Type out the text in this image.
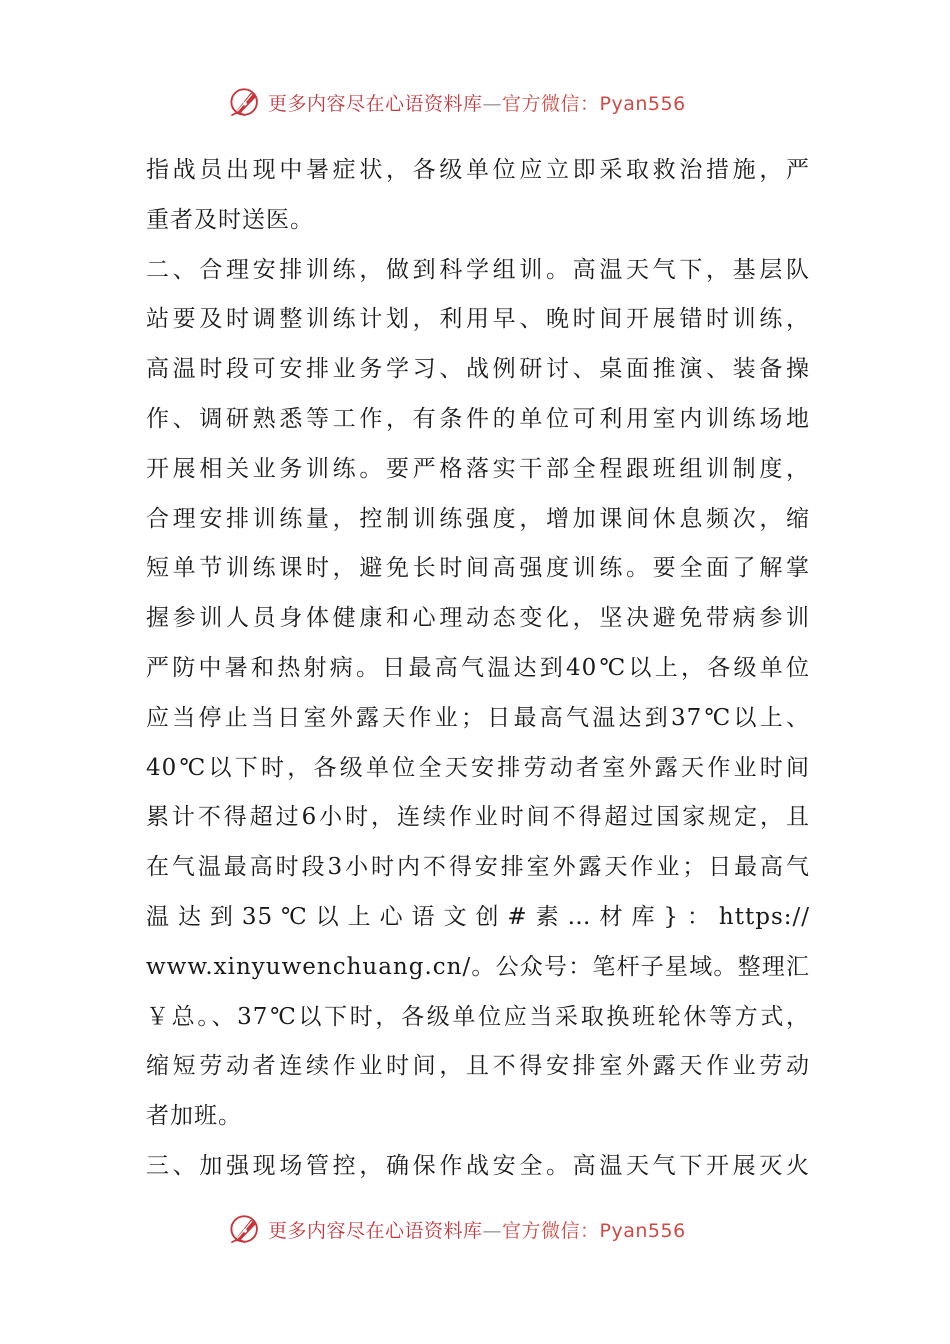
更多内容尽在心语资料库—官方微信：Pyan556
指战员出现中暑症状，各级单位应立即采取救治措施，严
重者及时送医。
二、合理安排训练，做到科学组训。高温天气下，基层队
站要及时调整训练计划，利用早、晚时间开展错时训练，
高温时段可安排业务学习、战例研讨、桌面推演、装备操
作、调研熟悉等工作，有条件的单位可利用室内训练场地
开展相关业务训练。要严格落实干部全程跟班组训制度，
合理安排训练量，控制训练强度，增加课间休息频次，缩
短单节训练课时，避免长时间高强度训练。要全面了解掌
握参训人员身体健康和心理动态变化，坚决避免带病参训
严防中暑和热射病。日最高气温达到40℃以上，各级单位
应当停止当日室外露天作业；日最高气温达到37℃以上、
40℃以下时，各级单位全天安排劳动者室外露天作业时间
累计不得超过6小时，连续作业时间不得超过国家规定，且
在气温最高时段3小时内不得安排室外露天作业；日最高气
温达到35℃以上心语文创#素…材库}：https://
www.xinyuwenchuang.cn/。公众号：笔杆子星域。整理汇
￥总。、37℃以下时，各级单位应当采取换班轮休等方式，
缩短劳动者连续作业时间，且不得安排室外露天作业劳动
者加班。
三、加强现场管控，确保作战安全。高温天气下开展灭火
更多内容尽在心语资料库—官方微信：Pyan556
